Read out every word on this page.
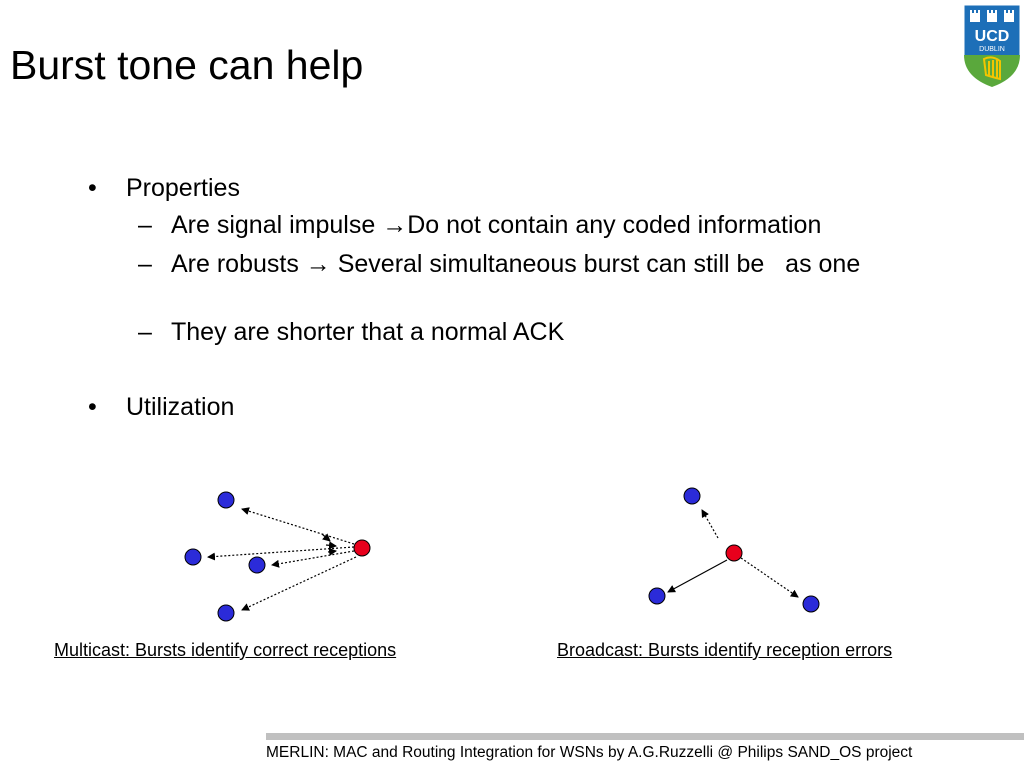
Burst tone can help
UCD
DUBLIN
• Properties
– Are signal impulse →Do not contain any coded information
– Are robusts → Several simultaneous burst can still be   as one
– They are shorter that a normal ACK
• Utilization
Multicast: Bursts identify correct receptions	Broadcast: Bursts identify reception errors
MERLIN: MAC and Routing Integration for WSNs by A.G.Ruzzelli @ Philips SAND_OS project
